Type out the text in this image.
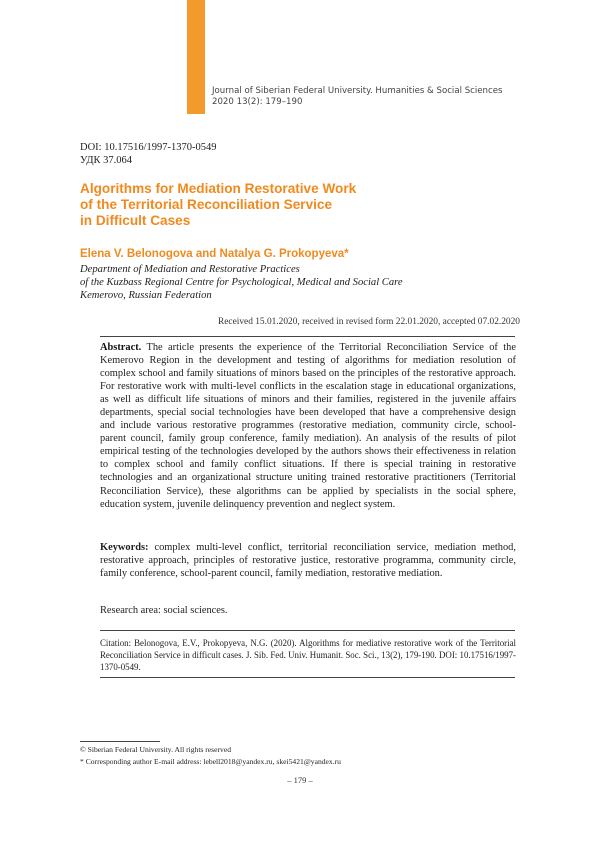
Journal of Siberian Federal University. Humanities & Social Sciences
2020 13(2): 179–190
DOI: 10.17516/1997-1370-0549
УДК 37.064
Algorithms for Mediation Restorative Work
of the Territorial Reconciliation Service
in Difficult Cases
Elena V. Belonogova and Natalya G. Prokopyeva*
Department of Mediation and Restorative Practices
of the Kuzbass Regional Centre for Psychological, Medical and Social Care
Kemerovo, Russian Federation
Received 15.01.2020, received in revised form 22.01.2020, accepted 07.02.2020
Abstract. The article presents the experience of the Territorial Reconciliation Service of the Kemerovo Region in the development and testing of algorithms for mediation resolution of complex school and family situations of minors based on the principles of the restorative approach. For restorative work with multi-level conflicts in the escalation stage in educational organizations, as well as difficult life situations of minors and their families, registered in the juvenile affairs departments, special social technologies have been developed that have a comprehensive design and include various restorative programmes (restorative mediation, community circle, school-parent council, family group conference, family mediation). An analysis of the results of pilot empirical testing of the technologies developed by the authors shows their effectiveness in relation to complex school and family conflict situations. If there is special training in restorative technologies and an organizational structure uniting trained restorative practitioners (Territorial Reconciliation Service), these algorithms can be applied by specialists in the social sphere, education system, juvenile delinquency prevention and neglect system.
Keywords: complex multi-level conflict, territorial reconciliation service, mediation method, restorative approach, principles of restorative justice, restorative programma, community circle, family conference, school-parent council, family mediation, restorative mediation.
Research area: social sciences.
Citation: Belonogova, E.V., Prokopyeva, N.G. (2020). Algorithms for mediative restorative work of the Territorial Reconciliation Service in difficult cases. J. Sib. Fed. Univ. Humanit. Soc. Sci., 13(2), 179-190. DOI: 10.17516/1997-1370-0549.
© Siberian Federal University. All rights reserved
* Corresponding author E-mail address: lebell2018@yandex.ru, skei5421@yandex.ru
– 179 –
